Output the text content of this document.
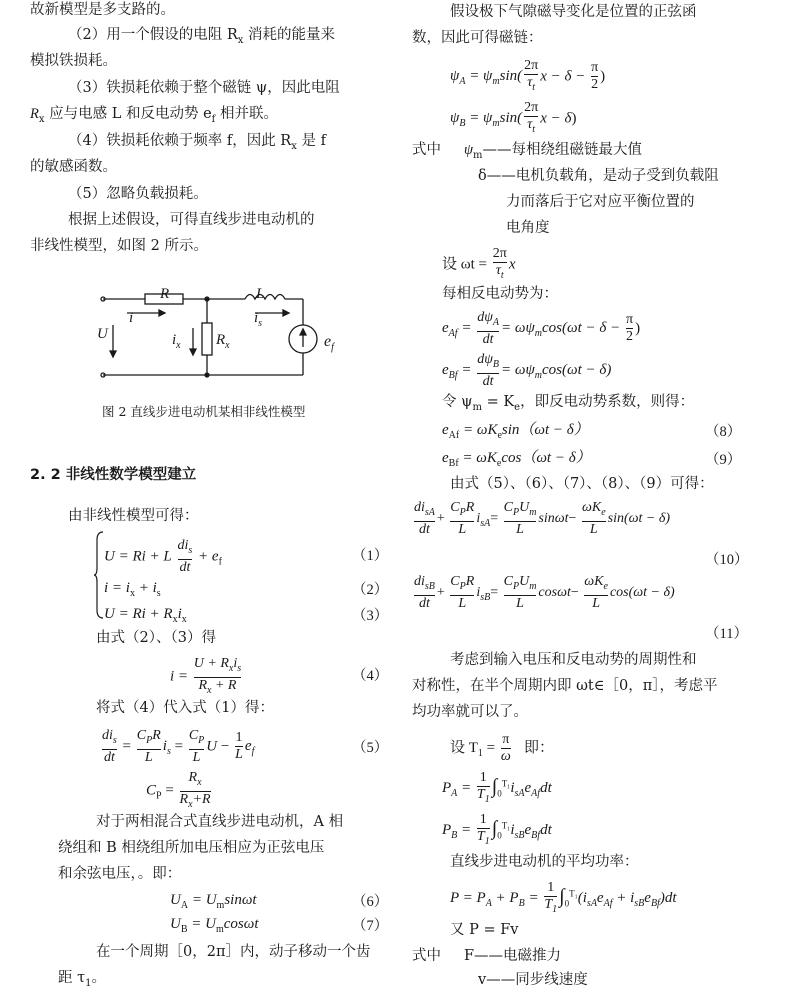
故新模型是多支路的。
（2）用一个假设的电阻 $R_x$ 消耗的能量来
模拟铁损耗。
（3）铁损耗依赖于整个磁链 ψ，因此电阻
$R_x$ 应与电感 L 和反电动势 $e_f$ 相并联。
（4）铁损耗依赖于频率 f，因此 $R_x$ 是 f
的敏感函数。
（5）忽略负载损耗。
根据上述假设，可得直线步进电动机的
非线性模型，如图 2 所示。
R	L
i	$i_s$
U	$i_x$ $R_x$	$e_f$
图 2 直线步进电动机某相非线性模型
2. 2 非线性数学模型建立
由非线性模型可得：
U = Ri + L $\frac{di_s}{dt} + e_f$	（1）
$i = i_x + i_s$	（2）
$U = Ri + R_xi_x$	（3）
由式（2）、（3）得
$i = \frac{U + R_xi_s}{R_x + R}$	（4）
将式（4）代入式（1）得：
$\frac{di_s}{dt} = \frac{C_PR}{L} i_s = \frac{C_P}{L}$ $U - \frac{1}{L} e_f$	（5）
$C_P = \frac{R_x}{R_x+R}$
对于两相混合式直线步进电动机，A 相
绕组和 B 相绕组所加电压相应为正弦电压
和余弦电压，。即：
$U_A = U_m\sin\omega t$	（6）
$U_B = U_m\cos\omega t$	（7）
在一个周期［0，2π］内，动子移动一个齿
距 $\tau_1$。
假设极下气隙磁导变化是位置的正弦函
数，因此可得磁链：
$\psi_A = \psi_m\sin( \frac{2\pi}{\tau_t}$ $x - \delta - \frac{\pi}{2}$ )
$\psi_B = \psi_m\sin( \frac{2\pi}{\tau_t}$ x − δ)
式中 $\psi_m——$每相绕组磁链最大值
δ——电机负载角，是动子受到负载阻
力而落后于它对应平衡位置的
电角度
设 $\omega t = \frac{2\pi}{\tau_t}$ x
每相反电动势为：
$e_{Af} = \frac{d\psi_A}{dt} = \omega\psi_m\cos(\omega t - \delta - \frac{\pi}{2}$ )
$e_{Bf} = \frac{d\psi_B}{dt} = \omega\psi_m\cos(\omega t - \delta)$
令 $\psi_m = K_e$，即反电动势系数，则得：
$e_{Af} = \omega K_e\sin(\omega t - \delta)$	（8）
$e_{Bf} = \omega K_e\cos(\omega t - \delta)$	（9）
由式（5）、（6）、（7）、（8）、（9）可得：
$\frac{di_{sA}}{dt} + \frac{C_PR}{L} i_{sA}= \frac{C_PU_m}{L} \sin\omega t- \frac{\omega K_e}{L} \sin(\omega t - \delta)$
（10）
$\frac{di_{sB}}{dt} + \frac{C_PR}{L} i_{sB}= \frac{C_PU_m}{L} \cos\omega t- \frac{\omega K_e}{L} \cos(\omega t - \delta)$
（11）
考虑到输入电压和反电动势的周期性和
对称性，在半个周期内即 ωt∈［0，π］，考虑平
均功率就可以了。
设 $T_1 = \frac{\pi}{\omega}$ 即：
$P_A = \frac{1}{T_1} \int_0^{T_1}i_{sA}e_{Af}dt$
$P_B = \frac{1}{T_1} \int_0^{T_1}i_{sB}e_{Bf}dt$
直线步进电动机的平均功率：
$P = P_A + P_B = \frac{1}{T_1} \int_0^{T_1}(i_{sA}e_{Af} + i_{sB}e_{Bf})dt$
又 P = Fv
式中 F——电磁推力
v——同步线速度
